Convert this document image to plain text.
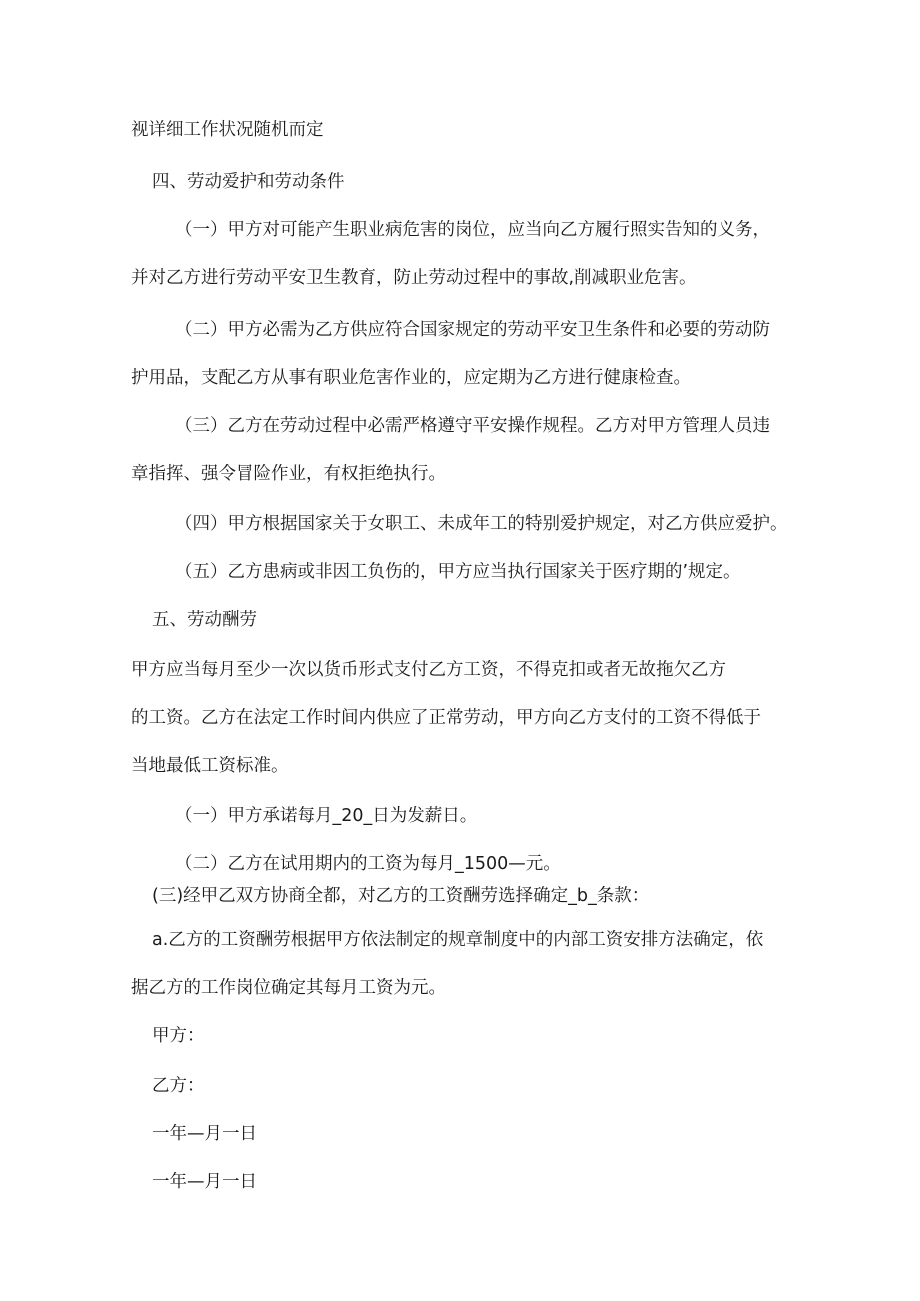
视详细工作状况随机而定
四、劳动爱护和劳动条件
（一）甲方对可能产生职业病危害的岗位，应当向乙方履行照实告知的义务，
并对乙方进行劳动平安卫生教育，防止劳动过程中的事故,削减职业危害。
（二）甲方必需为乙方供应符合国家规定的劳动平安卫生条件和必要的劳动防
护用品，支配乙方从事有职业危害作业的，应定期为乙方进行健康检查。
（三）乙方在劳动过程中必需严格遵守平安操作规程。乙方对甲方管理人员违
章指挥、强令冒险作业，有权拒绝执行。
（四）甲方根据国家关于女职工、未成年工的特别爱护规定，对乙方供应爱护。
（五）乙方患病或非因工负伤的，甲方应当执行国家关于医疗期的’规定。
五、劳动酬劳
甲方应当每月至少一次以货币形式支付乙方工资，不得克扣或者无故拖欠乙方
的工资。乙方在法定工作时间内供应了正常劳动，甲方向乙方支付的工资不得低于
当地最低工资标准。
（一）甲方承诺每月_20_日为发薪日。
（二）乙方在试用期内的工资为每月_1500—元。
(三)经甲乙双方协商全都，对乙方的工资酬劳选择确定_b_条款：
a.乙方的工资酬劳根据甲方依法制定的规章制度中的内部工资安排方法确定，依
据乙方的工作岗位确定其每月工资为元。
甲方：
乙方：
一年—月一日
一年—月一日
